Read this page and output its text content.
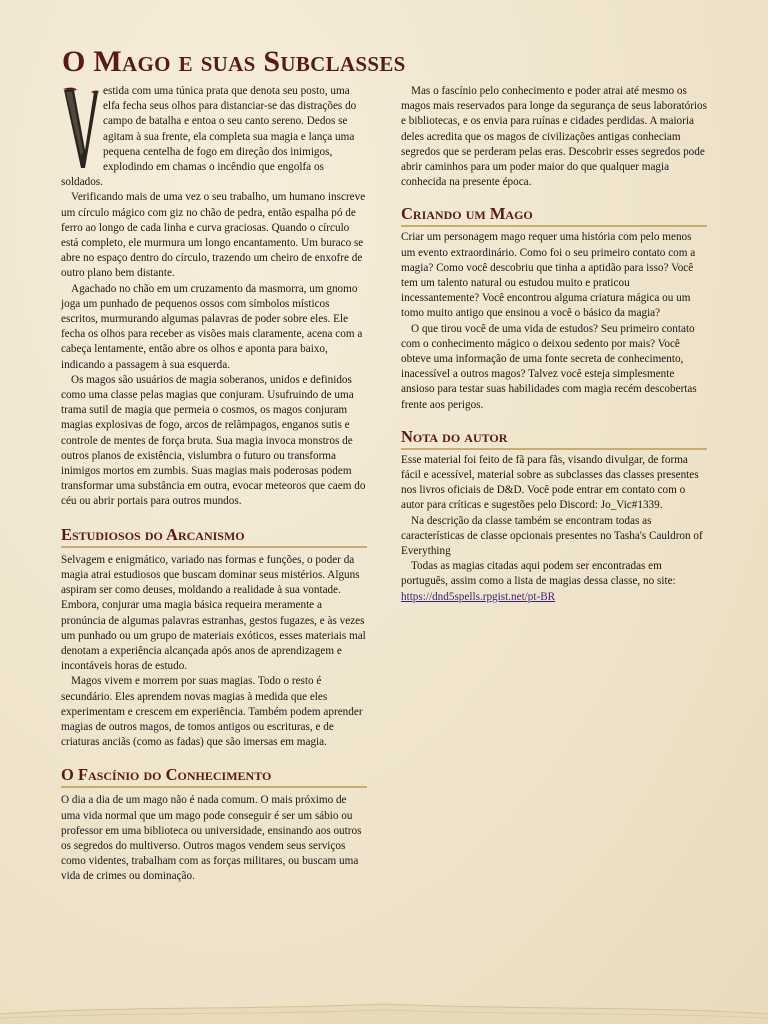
O Mago e suas Subclasses

estida com uma túnica prata que denota seu posto, uma elfa fecha seus olhos para distanciar-se das distrações do campo de batalha e entoa o seu canto sereno. Dedos se agitam à sua frente, ela completa sua magia e lança uma pequena centelha de fogo em direção dos inimigos, explodindo em chamas o incêndio que engolfa os soldados.

Verificando mais de uma vez o seu trabalho, um humano inscreve um círculo mágico com giz no chão de pedra, então espalha pó de ferro ao longo de cada linha e curva graciosas. Quando o círculo está completo, ele murmura um longo encantamento. Um buraco se abre no espaço dentro do círculo, trazendo um cheiro de enxofre de outro plano bem distante.

Agachado no chão em um cruzamento da masmorra, um gnomo joga um punhado de pequenos ossos com símbolos místicos escritos, murmurando algumas palavras de poder sobre eles. Ele fecha os olhos para receber as visões mais claramente, acena com a cabeça lentamente, então abre os olhos e aponta para baixo, indicando a passagem à sua esquerda.

Os magos são usuários de magia soberanos, unidos e definidos como uma classe pelas magias que conjuram. Usufruindo de uma trama sutil de magia que permeia o cosmos, os magos conjuram magias explosivas de fogo, arcos de relâmpagos, enganos sutis e controle de mentes de força bruta. Sua magia invoca monstros de outros planos de existência, vislumbra o futuro ou transforma inimigos mortos em zumbis. Suas magias mais poderosas podem transformar uma substância em outra, evocar meteoros que caem do céu ou abrir portais para outros mundos.

Estudiosos do Arcanismo

Selvagem e enigmático, variado nas formas e funções, o poder da magia atrai estudiosos que buscam dominar seus mistérios. Alguns aspiram ser como deuses, moldando a realidade à sua vontade. Embora, conjurar uma magia básica requeira meramente a pronúncia de algumas palavras estranhas, gestos fugazes, e às vezes um punhado ou um grupo de materiais exóticos, esses materiais mal denotam a experiência alcançada após anos de aprendizagem e incontáveis horas de estudo.

Magos vivem e morrem por suas magias. Todo o resto é secundário. Eles aprendem novas magias à medida que eles experimentam e crescem em experiência. Também podem aprender magias de outros magos, de tomos antigos ou escrituras, e de criaturas anciãs (como as fadas) que são imersas em magia.

O Fascínio do Conhecimento

O dia a dia de um mago não é nada comum. O mais próximo de uma vida normal que um mago pode conseguir é ser um sábio ou professor em uma biblioteca ou universidade, ensinando aos outros os segredos do multiverso. Outros magos vendem seus serviços como videntes, trabalham com as forças militares, ou buscam uma vida de crimes ou dominação.

Mas o fascínio pelo conhecimento e poder atrai até mesmo os magos mais reservados para longe da segurança de seus laboratórios e bibliotecas, e os envia para ruínas e cidades perdidas. A maioria deles acredita que os magos de civilizações antigas conheciam segredos que se perderam pelas eras. Descobrir esses segredos pode abrir caminhos para um poder maior do que qualquer magia conhecida na presente época.

Criando um Mago

Criar um personagem mago requer uma história com pelo menos um evento extraordinário. Como foi o seu primeiro contato com a magia? Como você descobriu que tinha a aptidão para isso? Você tem um talento natural ou estudou muito e praticou incessantemente? Você encontrou alguma criatura mágica ou um tomo muito antigo que ensinou a você o básico da magia?

O que tirou você de uma vida de estudos? Seu primeiro contato com o conhecimento mágico o deixou sedento por mais? Você obteve uma informação de uma fonte secreta de conhecimento, inacessível a outros magos? Talvez você esteja simplesmente ansioso para testar suas habilidades com magia recém descobertas frente aos perigos.

Nota do autor

Esse material foi feito de fã para fãs, visando divulgar, de forma fácil e acessível, material sobre as subclasses das classes presentes nos livros oficiais de D&D. Você pode entrar em contato com o autor para críticas e sugestões pelo Discord: Jo_Vic#1339.

Na descrição da classe também se encontram todas as características de classe opcionais presentes no Tasha's Cauldron of Everything

Todas as magias citadas aqui podem ser encontradas em português, assim como a lista de magias dessa classe, no site:

https://dnd5spells.rpgist.net/pt-BR
